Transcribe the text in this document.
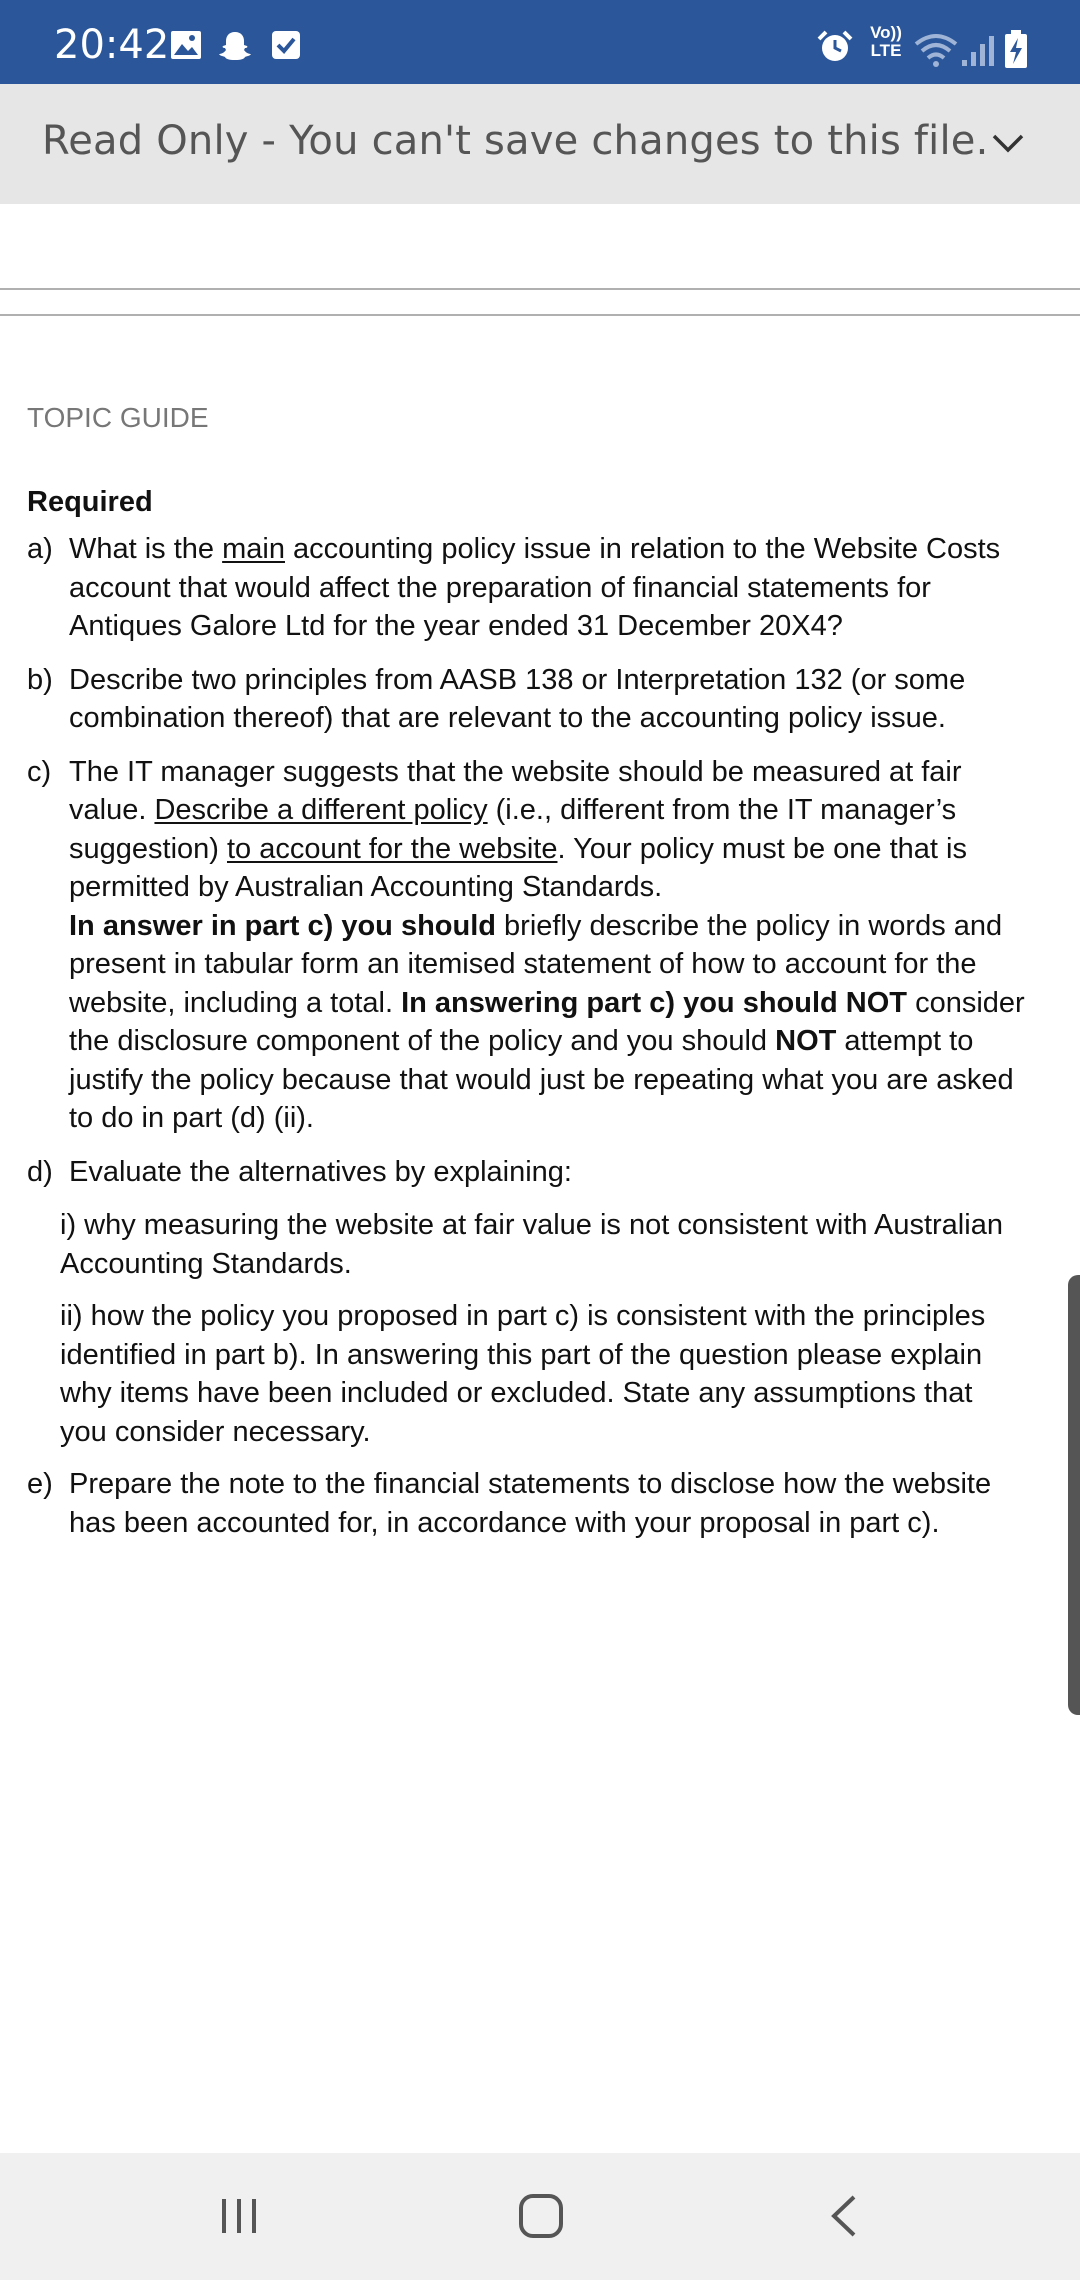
20:42	Vo))
LTE
Read Only - You can't save changes to this file.

TOPIC GUIDE

Required

a) What is the main accounting policy issue in relation to the Website Costs account that would affect the preparation of financial statements for Antiques Galore Ltd for the year ended 31 December 20X4?
b) Describe two principles from AASB 138 or Interpretation 132 (or some combination thereof) that are relevant to the accounting policy issue.
c) The IT manager suggests that the website should be measured at fair value. Describe a different policy (i.e., different from the IT manager’s suggestion) to account for the website. Your policy must be one that is permitted by Australian Accounting Standards.
In answer in part c) you should briefly describe the policy in words and present in tabular form an itemised statement of how to account for the website, including a total. In answering part c) you should NOT consider the disclosure component of the policy and you should NOT attempt to justify the policy because that would just be repeating what you are asked to do in part (d) (ii).
d) Evaluate the alternatives by explaining:
i) why measuring the website at fair value is not consistent with Australian Accounting Standards.
ii) how the policy you proposed in part c) is consistent with the principles identified in part b). In answering this part of the question please explain why items have been included or excluded. State any assumptions that you consider necessary.
e) Prepare the note to the financial statements to disclose how the website has been accounted for, in accordance with your proposal in part c).
